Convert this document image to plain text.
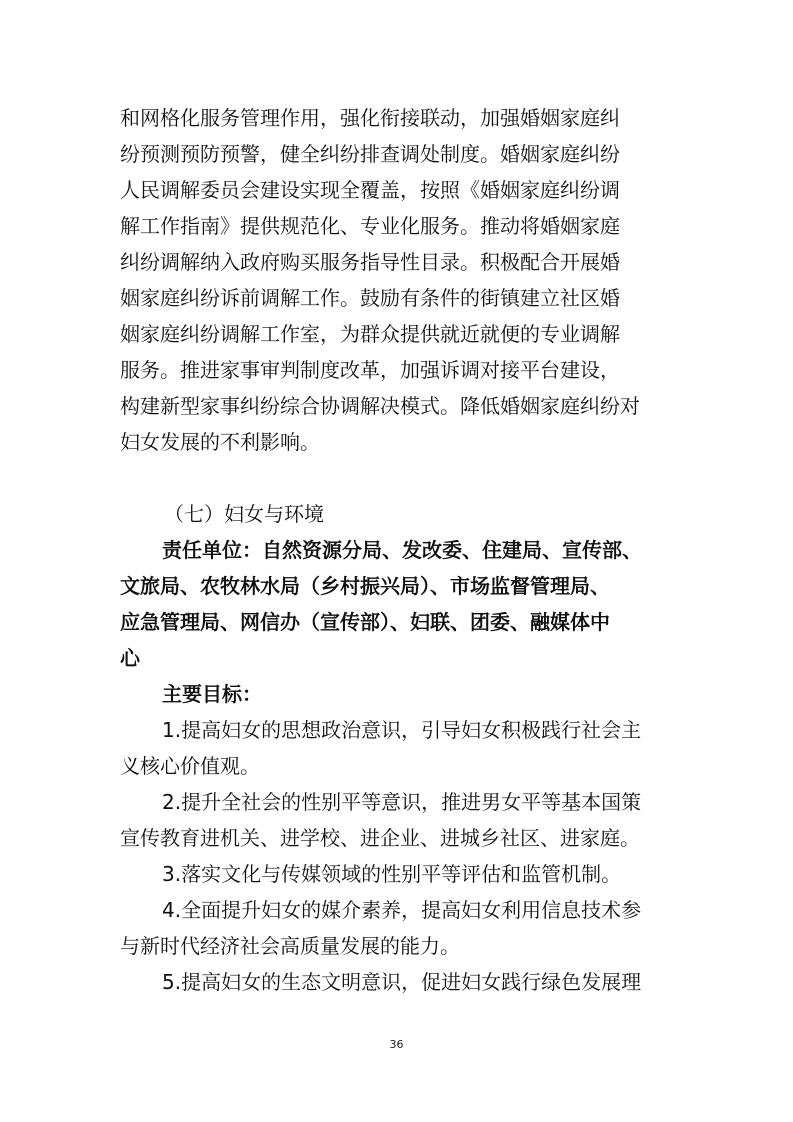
和网格化服务管理作用，强化衔接联动，加强婚姻家庭纠
纷预测预防预警，健全纠纷排查调处制度。婚姻家庭纠纷
人民调解委员会建设实现全覆盖，按照《婚姻家庭纠纷调
解工作指南》提供规范化、专业化服务。推动将婚姻家庭
纠纷调解纳入政府购买服务指导性目录。积极配合开展婚
姻家庭纠纷诉前调解工作。鼓励有条件的街镇建立社区婚
姻家庭纠纷调解工作室，为群众提供就近就便的专业调解
服务。推进家事审判制度改革，加强诉调对接平台建设，
构建新型家事纠纷综合协调解决模式。降低婚姻家庭纠纷对
妇女发展的不利影响。
（七）妇女与环境
责任单位：自然资源分局、发改委、住建局、宣传部、
文旅局、农牧林水局（乡村振兴局）、市场监督管理局、
应急管理局、网信办（宣传部）、妇联、团委、融媒体中
心
主要目标：
1.提高妇女的思想政治意识，引导妇女积极践行社会主
义核心价值观。
2.提升全社会的性别平等意识，推进男女平等基本国策
宣传教育进机关、进学校、进企业、进城乡社区、进家庭。
3.落实文化与传媒领域的性别平等评估和监管机制。
4.全面提升妇女的媒介素养，提高妇女利用信息技术参
与新时代经济社会高质量发展的能力。
5.提高妇女的生态文明意识，促进妇女践行绿色发展理
36
